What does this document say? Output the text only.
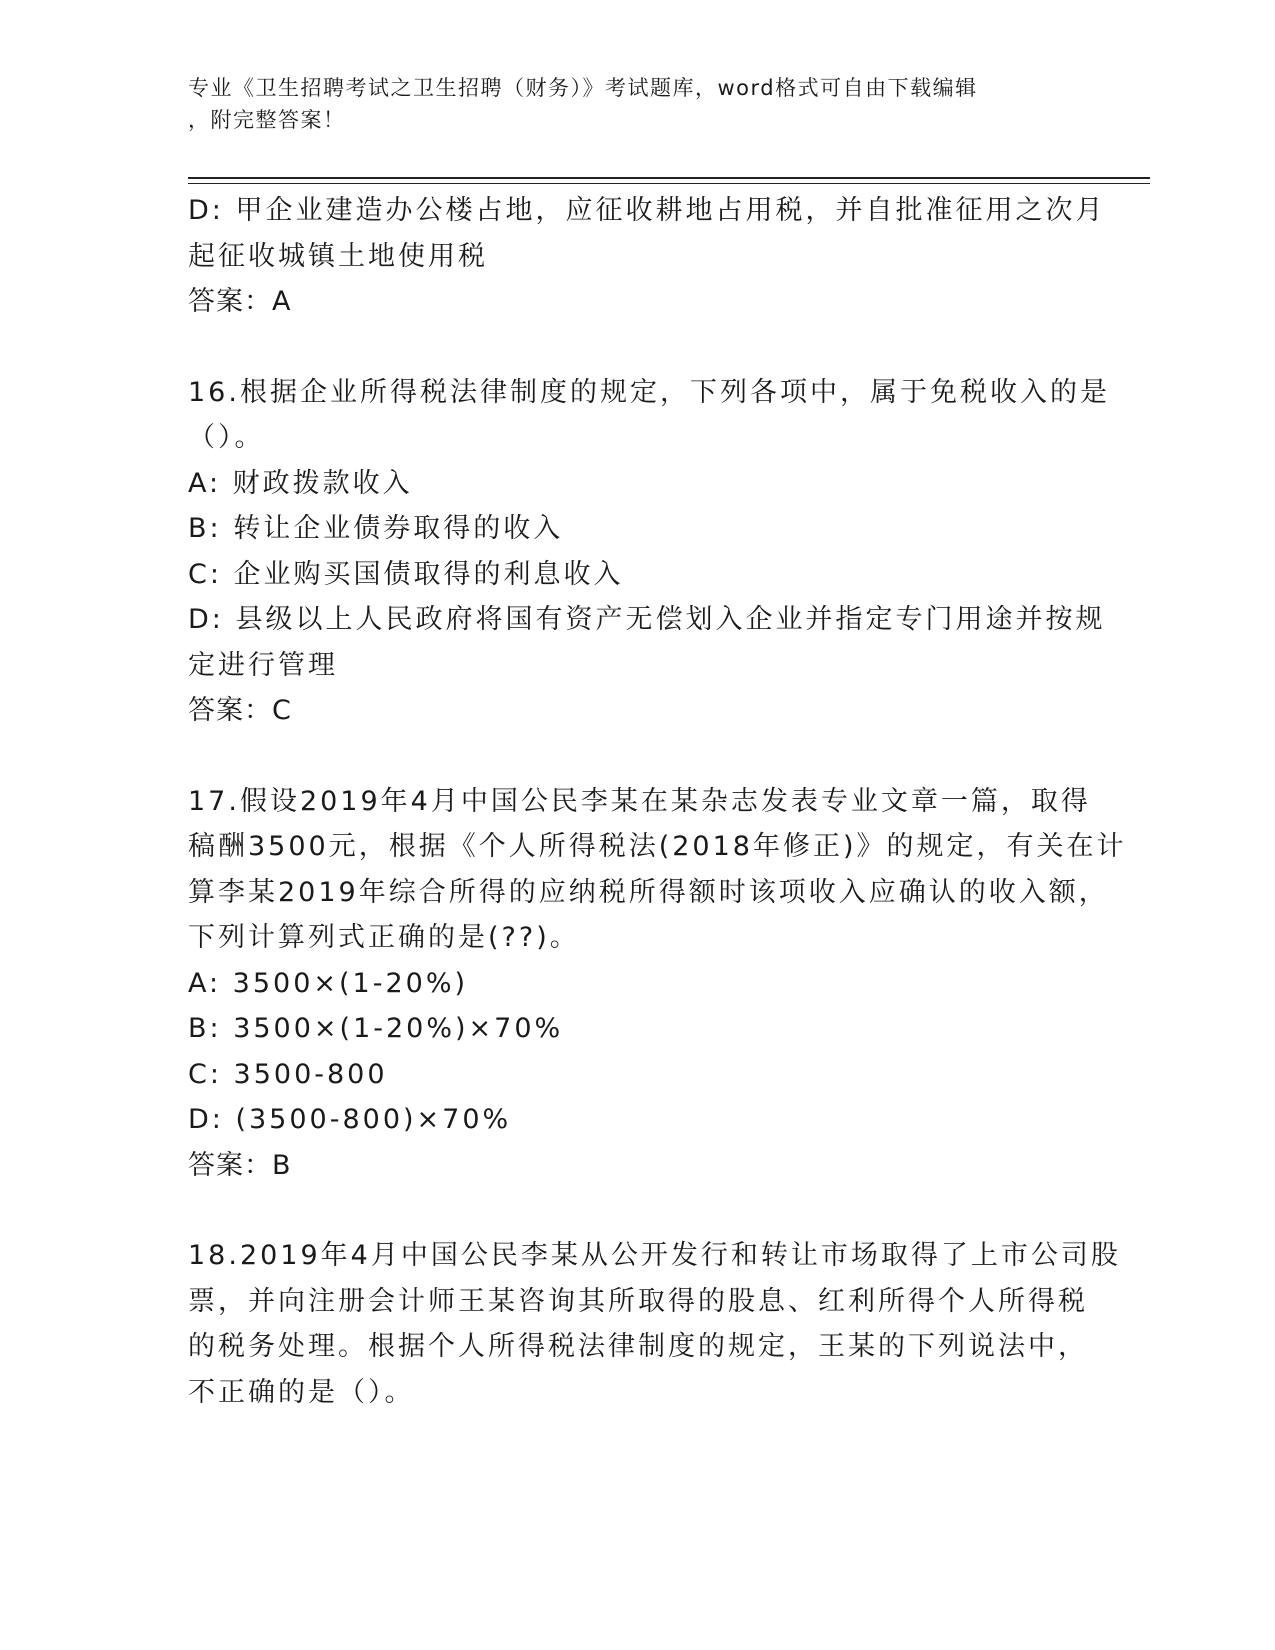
专业《卫生招聘考试之卫生招聘（财务）》考试题库，word格式可自由下载编辑
，附完整答案！
D: 甲企业建造办公楼占地，应征收耕地占用税，并自批准征用之次月
起征收城镇土地使用税
答案：A
16.根据企业所得税法律制度的规定，下列各项中，属于免税收入的是
（）。
A: 财政拨款收入
B: 转让企业债券取得的收入
C: 企业购买国债取得的利息收入
D: 县级以上人民政府将国有资产无偿划入企业并指定专门用途并按规
定进行管理
答案：C
17.假设2019年4月中国公民李某在某杂志发表专业文章一篇，取得
稿酬3500元，根据《个人所得税法(2018年修正)》的规定，有关在计
算李某2019年综合所得的应纳税所得额时该项收入应确认的收入额，
下列计算列式正确的是(??)。
A: 3500×(1-20%)
B: 3500×(1-20%)×70%
C: 3500-800
D: (3500-800)×70%
答案：B
18.2019年4月中国公民李某从公开发行和转让市场取得了上市公司股
票，并向注册会计师王某咨询其所取得的股息、红利所得个人所得税
的税务处理。根据个人所得税法律制度的规定，王某的下列说法中，
不正确的是（）。
